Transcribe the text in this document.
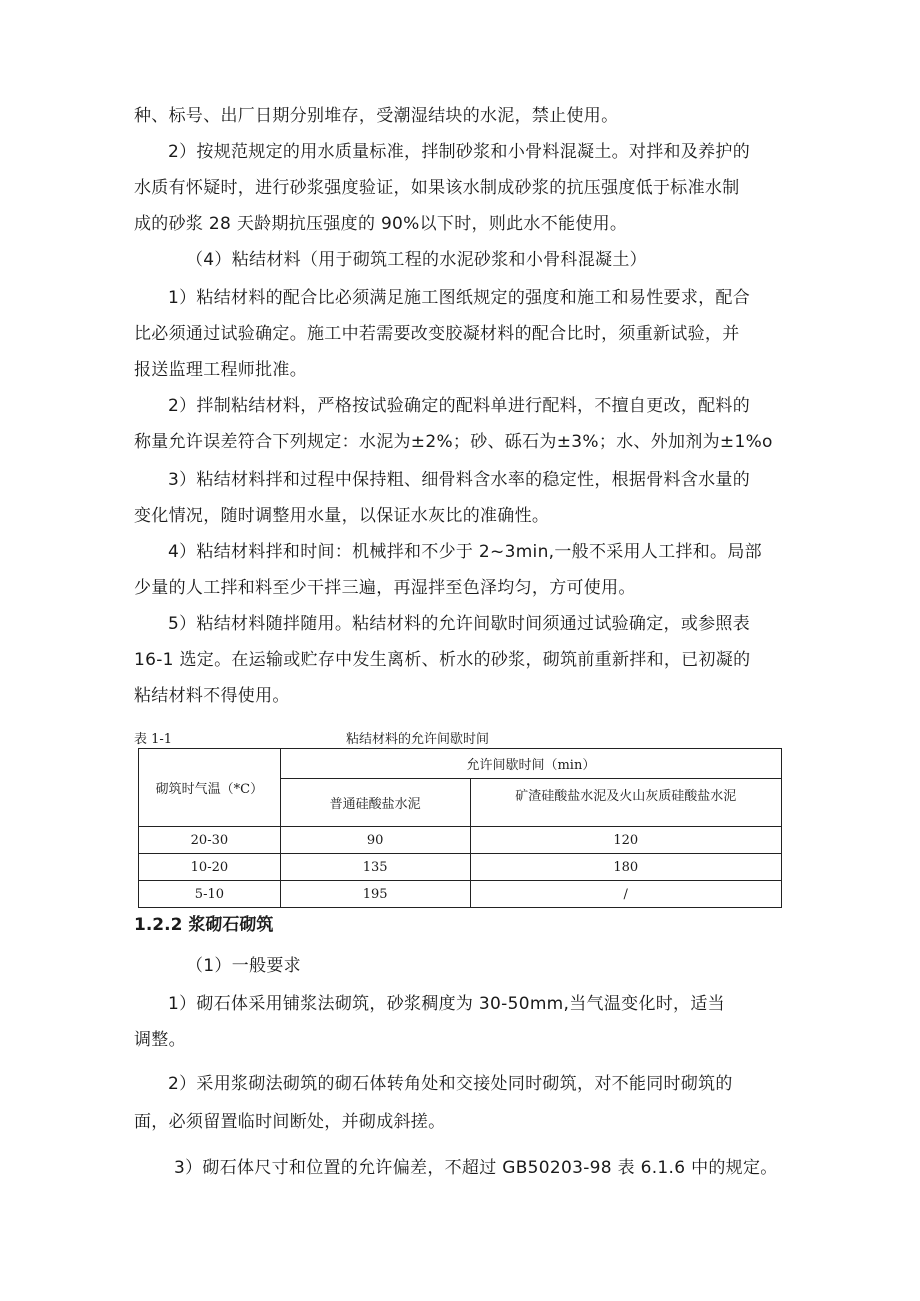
种、标号、出厂日期分别堆存，受潮湿结块的水泥，禁止使用。
2）按规范规定的用水质量标准，拌制砂浆和小骨料混凝土。对拌和及养护的
水质有怀疑时，进行砂浆强度验证，如果该水制成砂浆的抗压强度低于标准水制
成的砂浆 28 天龄期抗压强度的 90%以下时，则此水不能使用。
（4）粘结材料（用于砌筑工程的水泥砂浆和小骨科混凝土）
1）粘结材料的配合比必须满足施工图纸规定的强度和施工和易性要求，配合
比必须通过试验确定。施工中若需要改变胶凝材料的配合比时，须重新试验，并
报送监理工程师批准。
2）拌制粘结材料，严格按试验确定的配料单进行配料，不擅自更改，配料的
称量允许误差符合下列规定：水泥为±2%；砂、砾石为±3%；水、外加剂为±1%o
3）粘结材料拌和过程中保持粗、细骨料含水率的稳定性，根据骨料含水量的
变化情况，随时调整用水量，以保证水灰比的准确性。
4）粘结材料拌和时间：机械拌和不少于 2~3min,一般不采用人工拌和。局部
少量的人工拌和料至少干拌三遍，再湿拌至色泽均匀，方可使用。
5）粘结材料随拌随用。粘结材料的允许间歇时间须通过试验确定，或参照表
16-1 选定。在运输或贮存中发生离析、析水的砂浆，砌筑前重新拌和，已初凝的
粘结材料不得使用。
表 1-1	粘结材料的允许间歇时间
砌筑时气温（*C）	允许间歇时间（min）	
	普通硅酸盐水泥	矿渣硅酸盐水泥及火山灰质硅酸盐水泥
20-30	90	120
10-20	135	180
5-10	195	/
1.2.2 浆砌石砌筑
（1）一般要求
1）砌石体采用铺浆法砌筑，砂浆稠度为 30-50mm,当气温变化时，适当
调整。
2）采用浆砌法砌筑的砌石体转角处和交接处同时砌筑，对不能同时砌筑的
面，必须留置临时间断处，并砌成斜搓。
3）砌石体尺寸和位置的允许偏差，不超过 GB50203-98 表 6.1.6 中的规定。
